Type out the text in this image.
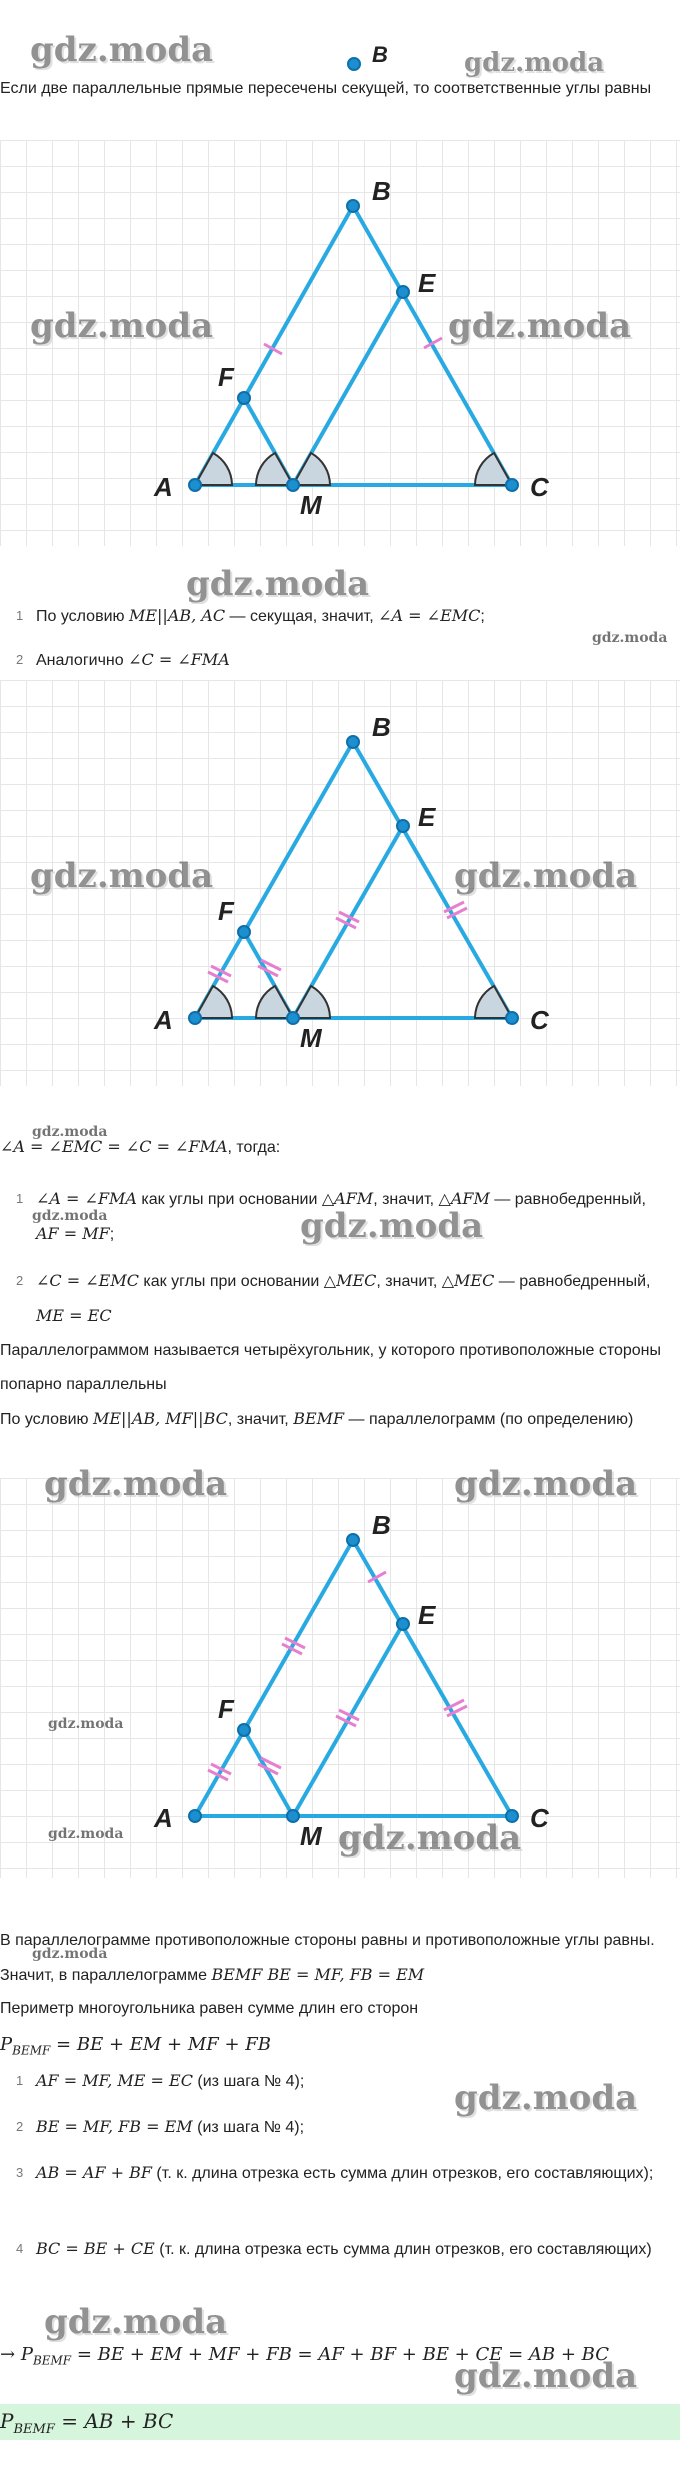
gdz.moda	B	gdz.moda
Если две параллельные прямые пересечены секущей, то соответственные углы равны
A
B
C
E
F
M
gdz.moda	gdz.moda
gdz.moda
1 По условию ME||AB, AC — секущая, значит, ∠A = ∠EMC;
gdz.moda
2 Аналогично ∠C = ∠FMA
A
B
C
E
F
M
gdz.moda	gdz.moda
gdz.moda
∠A = ∠EMC = ∠C = ∠FMA, тогда:
1 ∠A = ∠FMA как углы при основании △AFM, значит, △AFM — равнобедренный, AF = MF;
gdz.moda	gdz.moda
2 ∠C = ∠EMC как углы при основании △MEC, значит, △MEC — равнобедренный, ME = EC
Параллелограммом называется четырёхугольник, у которого противоположные стороны попарно параллельны
По условию ME||AB, MF||BC, значит, BEMF — параллелограмм (по определению)
A
B
C
E
F
M
gdz.moda	gdz.moda
gdz.moda
gdz.moda	gdz.moda
В параллелограмме противоположные стороны равны и противоположные углы равны. Значит, в параллелограмме BEMF BE = MF, FB = EM
gdz.moda
Периметр многоугольника равен сумме длин его сторон
$P_{BEMF}$ = BE + EM + MF + FB
1 AF = MF, ME = EC (из шага № 4);	gdz.moda
2 BE = MF, FB = EM (из шага № 4);
3 AB = AF + BF (т. к. длина отрезка есть сумма длин отрезков, его составляющих);
4 BC = BE + CE (т. к. длина отрезка есть сумма длин отрезков, его составляющих)
gdz.moda
→ $P_{BEMF}$ = BE + EM + MF + FB = AF + BF + BE + CE = AB + BC
gdz.moda
$P_{BEMF}$ = AB + BC
